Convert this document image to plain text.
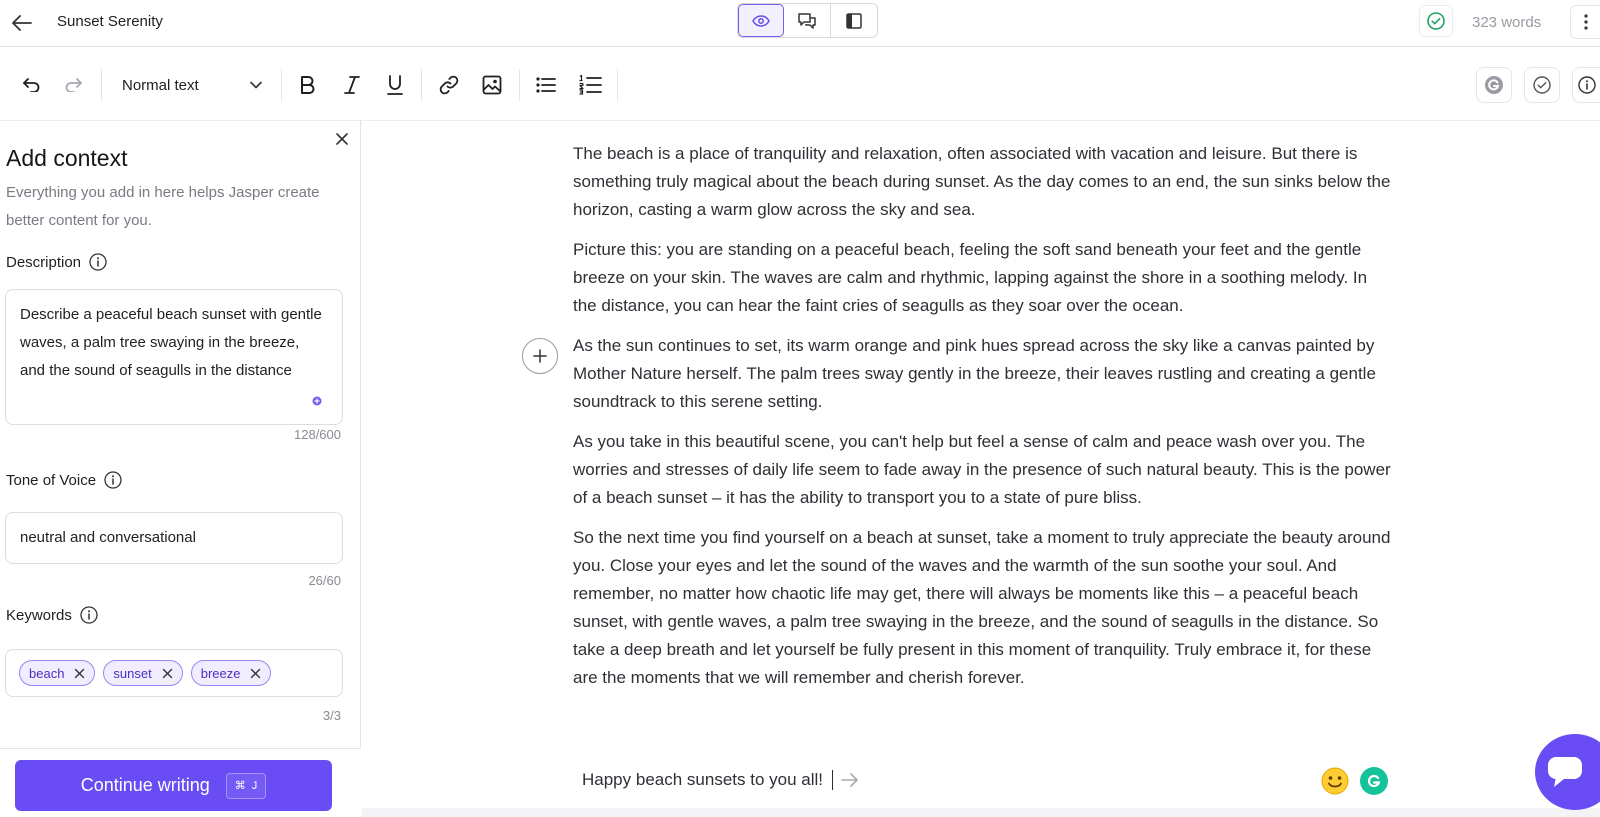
Sunset Serenity	323 words
Normal text
Add context
Everything you add in here helps Jasper create better content for you.
Description
Describe a peaceful beach sunset with gentle waves, a palm tree swaying in the breeze, and the sound of seagulls in the distance
128/600
Tone of Voice
neutral and conversational
26/60
Keywords
beach	sunset	breeze
3/3
Continue writing ⌘ J

The beach is a place of tranquility and relaxation, often associated with vacation and leisure. But there is something truly magical about the beach during sunset. As the day comes to an end, the sun sinks below the horizon, casting a warm glow across the sky and sea.

Picture this: you are standing on a peaceful beach, feeling the soft sand beneath your feet and the gentle breeze on your skin. The waves are calm and rhythmic, lapping against the shore in a soothing melody. In the distance, you can hear the faint cries of seagulls as they soar over the ocean.

As the sun continues to set, its warm orange and pink hues spread across the sky like a canvas painted by Mother Nature herself. The palm trees sway gently in the breeze, their leaves rustling and creating a gentle soundtrack to this serene setting.

As you take in this beautiful scene, you can't help but feel a sense of calm and peace wash over you. The worries and stresses of daily life seem to fade away in the presence of such natural beauty. This is the power of a beach sunset – it has the ability to transport you to a state of pure bliss.

So the next time you find yourself on a beach at sunset, take a moment to truly appreciate the beauty around you. Close your eyes and let the sound of the waves and the warmth of the sun soothe your soul. And remember, no matter how chaotic life may get, there will always be moments like this – a peaceful beach sunset, with gentle waves, a palm tree swaying in the breeze, and the sound of seagulls in the distance. So take a deep breath and let yourself be fully present in this moment of tranquility. Truly embrace it, for these are the moments that we will remember and cherish forever.

Happy beach sunsets to you all!
